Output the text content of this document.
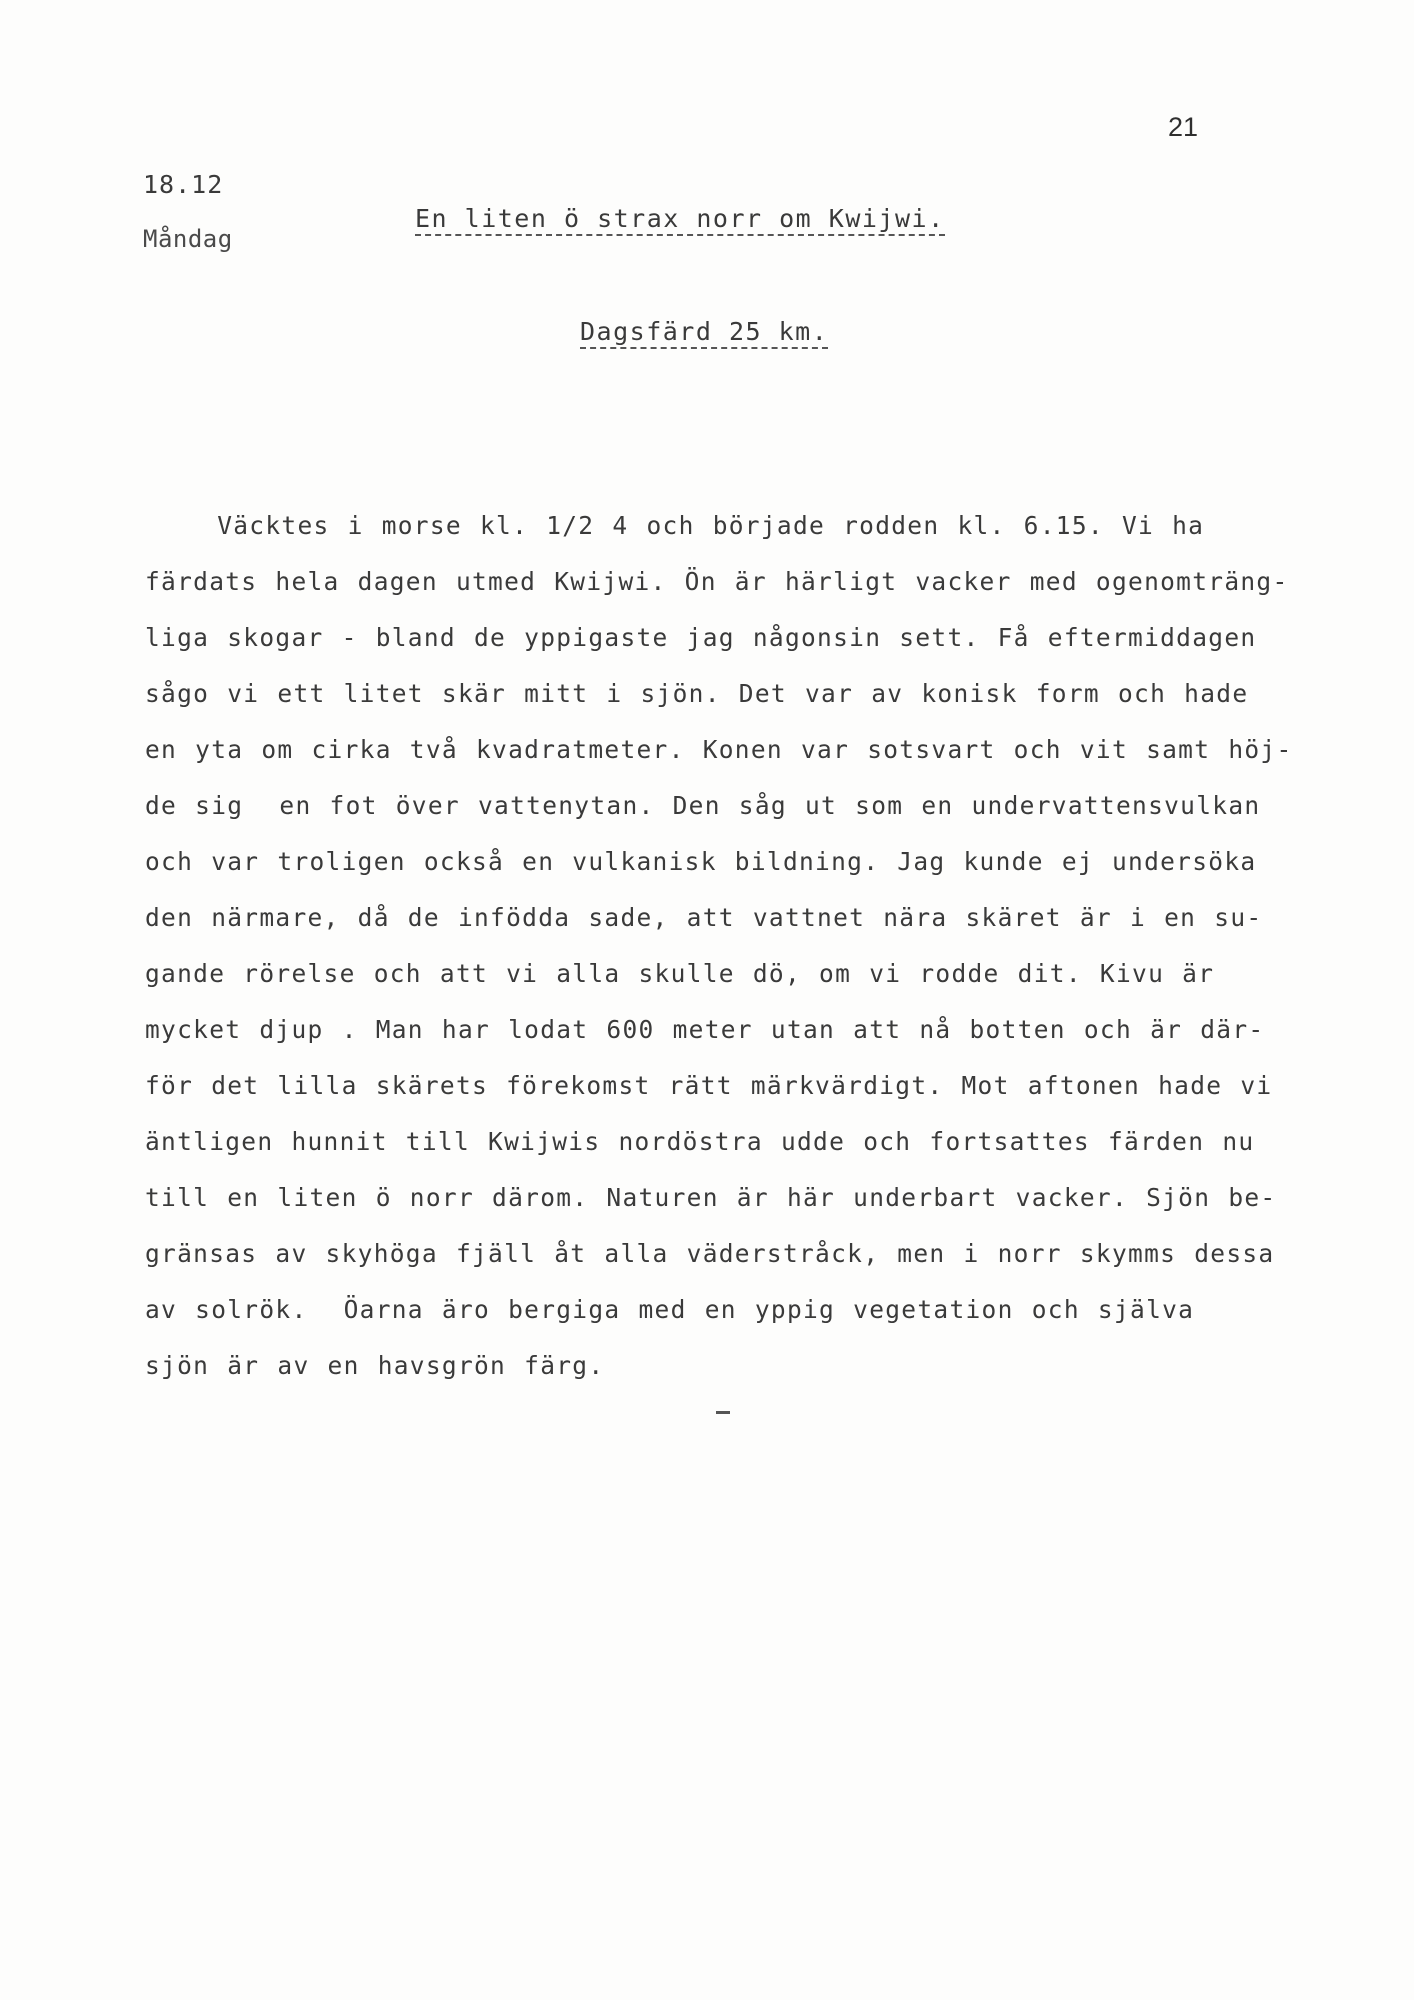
21
18.12
Måndag
En liten ö strax norr om Kwijwi.
Dagsfärd 25 km.
Väcktes i morse kl. 1/2 4 och började rodden kl. 6.15. Vi ha
färdats hela dagen utmed Kwijwi. Ön är härligt vacker med ogenomträng-
liga skogar - bland de yppigaste jag någonsin sett. Få eftermiddagen
sågo vi ett litet skär mitt i sjön. Det var av konisk form och hade
en yta om cirka två kvadratmeter. Konen var sotsvart och vit samt höj-
de sig  en fot över vattenytan. Den såg ut som en undervattensvulkan
och var troligen också en vulkanisk bildning. Jag kunde ej undersöka
den närmare, då de infödda sade, att vattnet nära skäret är i en su-
gande rörelse och att vi alla skulle dö, om vi rodde dit. Kivu är
mycket djup . Man har lodat 600 meter utan att nå botten och är där-
för det lilla skärets förekomst rätt märkvärdigt. Mot aftonen hade vi
äntligen hunnit till Kwijwis nordöstra udde och fortsattes färden nu
till en liten ö norr därom. Naturen är här underbart vacker. Sjön be-
gränsas av skyhöga fjäll åt alla väderstråck, men i norr skymms dessa
av solrök.  Öarna äro bergiga med en yppig vegetation och själva
sjön är av en havsgrön färg.
